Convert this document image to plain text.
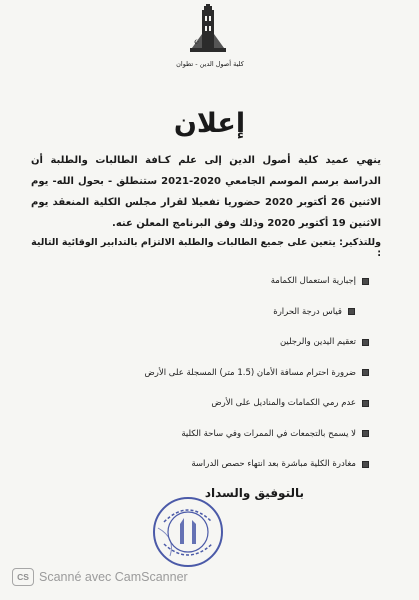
☪
كلية أصول الدين - تطوان
إعلان
ينهي عميد كلية أصول الدين إلى علم كـافة الطالبات والطلبة أن الدراسة برسم الموسم الجامعي 2020-2021 ستنطلق - بحول الله- يوم الاثنين 26 أكتوبر 2020 حضوريا تفعيلا لقرار مجلس الكلية المنعقد يوم الاثنين 19 أكتوبر 2020 وذلك وفق البرنامج المعلن عنه.
وللتذكير: يتعين على جميع الطالبات والطلبة الالتزام بالتدابير الوقائية التالية :
إجبارية استعمال الكمامة
قياس درجة الحرارة
تعقيم اليدين والرجلين
ضرورة احترام مسافة الأمان (1.5 متر) المسجلة على الأرض
عدم رمي الكمامات والمناديل على الأرض
لا يسمح بالتجمعات في الممرات وفي ساحة الكلية
مغادرة الكلية مباشرة بعد انتهاء حصص الدراسة
بالتوفيق والسداد
CS Scanné avec CamScanner
